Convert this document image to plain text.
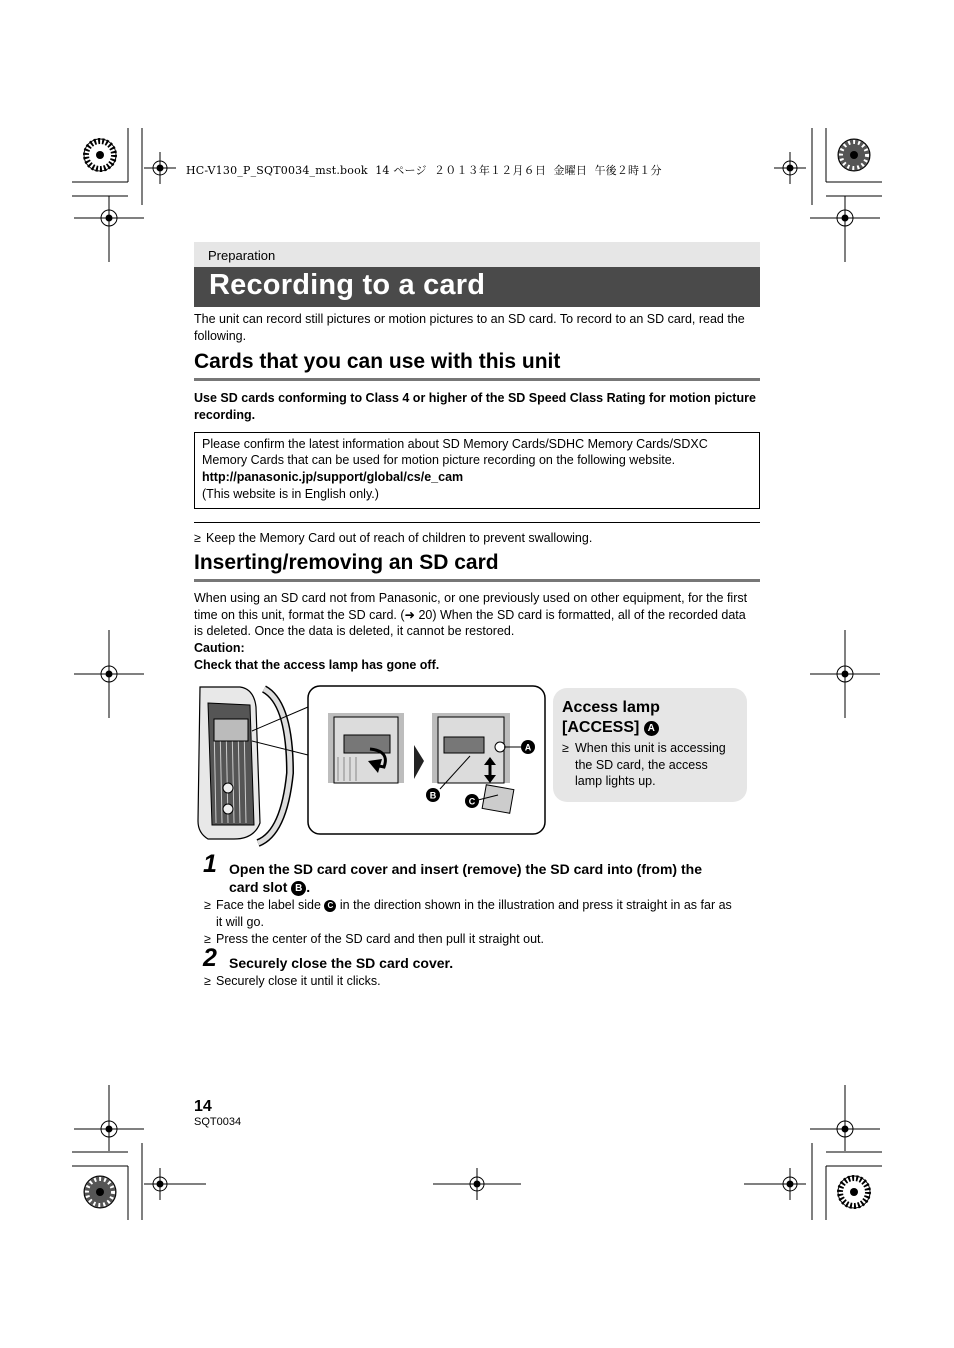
HC-V130_P_SQT0034_mst.book  14 ページ  ２０１３年１２月６日  金曜日  午後２時１分
Preparation
Recording to a card
The unit can record still pictures or motion pictures to an SD card. To record to an SD card, read the following.
Cards that you can use with this unit
Use SD cards conforming to Class 4 or higher of the SD Speed Class Rating for motion picture recording.
Please confirm the latest information about SD Memory Cards/SDHC Memory Cards/SDXC
Memory Cards that can be used for motion picture recording on the following website.
http://panasonic.jp/support/global/cs/e_cam
(This website is in English only.)
≥ Keep the Memory Card out of reach of children to prevent swallowing.
Inserting/removing an SD card
When using an SD card not from Panasonic, or one previously used on other equipment, for the first
time on this unit, format the SD card. (➜ 20) When the SD card is formatted, all of the recorded data
is deleted. Once the data is deleted, it cannot be restored.
Caution:
Check that the access lamp has gone off.
A
B
C
Access lamp
[ACCESS] A
≥ When this unit is accessing
the SD card, the access
lamp lights up.
1 Open the SD card cover and insert (remove) the SD card into (from) the
card slot B .
≥ Face the label side C in the direction shown in the illustration and press it straight in as far as
it will go.
≥ Press the center of the SD card and then pull it straight out.
2 Securely close the SD card cover.
≥ Securely close it until it clicks.
14
SQT0034
